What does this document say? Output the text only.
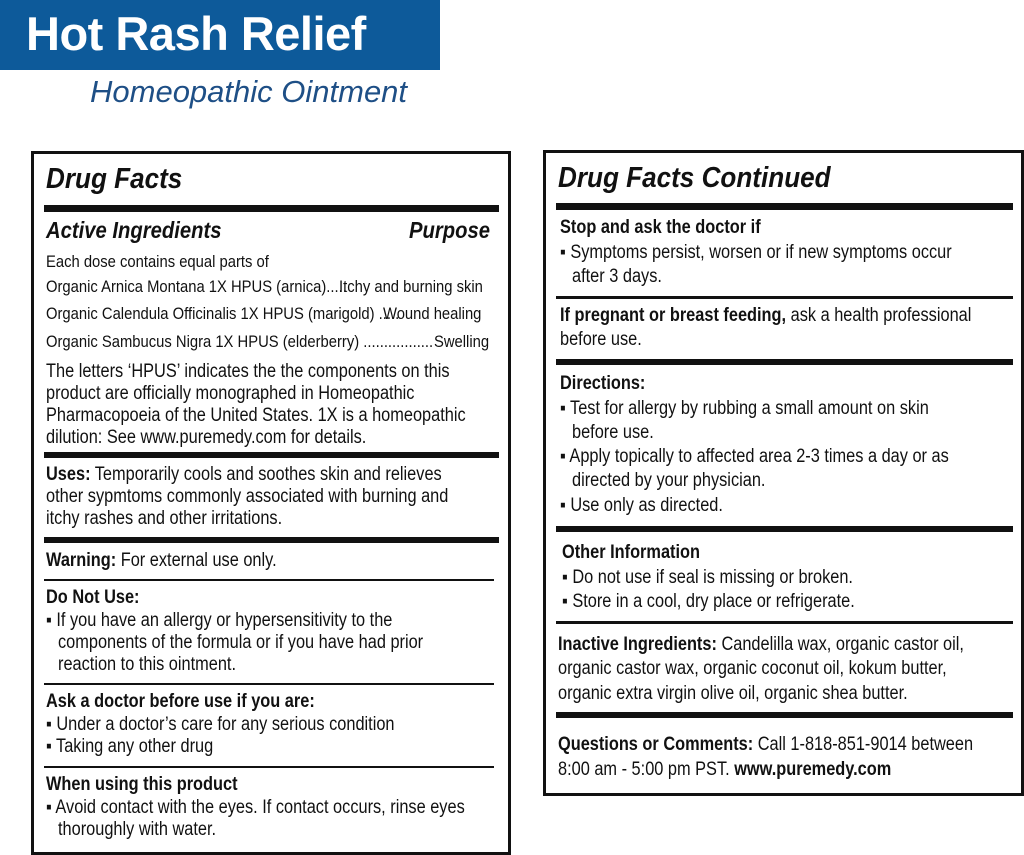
Hot Rash Relief
Homeopathic Ointment
Drug Facts
Active Ingredients	Purpose
Each dose contains equal parts of
Organic Arnica Montana 1X HPUS (arnica).....
Itchy and burning skin
Organic Calendula Officinalis 1X HPUS (marigold) .....
Wound healing
Organic Sambucus Nigra 1X HPUS (elderberry) ................. Swelling
The letters ‘HPUS’ indicates the the components on this
product are officially monographed in Homeopathic
Pharmacopoeia of the United States. 1X is a homeopathic
dilution: See www.puremedy.com for details.
Uses: Temporarily cools and soothes skin and relieves
other sypmtoms commonly associated with burning and
itchy rashes and other irritations.
Warning: For external use only.
Do Not Use:
▪ If you have an allergy or hypersensitivity to the
components of the formula or if you have had prior
reaction to this ointment.
Ask a doctor before use if you are:
▪ Under a doctor’s care for any serious condition
▪ Taking any other drug
When using this product
▪ Avoid contact with the eyes. If contact occurs, rinse eyes
thoroughly with water.
Drug Facts Continued
Stop and ask the doctor if
▪ Symptoms persist, worsen or if new symptoms occur
after 3 days.
If pregnant or breast feeding, ask a health professional
before use.
Directions:
▪ Test for allergy by rubbing a small amount on skin
before use.
▪ Apply topically to affected area 2-3 times a day or as
directed by your physician.
▪ Use only as directed.
Other Information
▪ Do not use if seal is missing or broken.
▪ Store in a cool, dry place or refrigerate.
Inactive Ingredients: Candelilla wax, organic castor oil,
organic castor wax, organic coconut oil, kokum butter,
organic extra virgin olive oil, organic shea butter.
Questions or Comments: Call 1-818-851-9014 between
8:00 am - 5:00 pm PST. www.puremedy.com
